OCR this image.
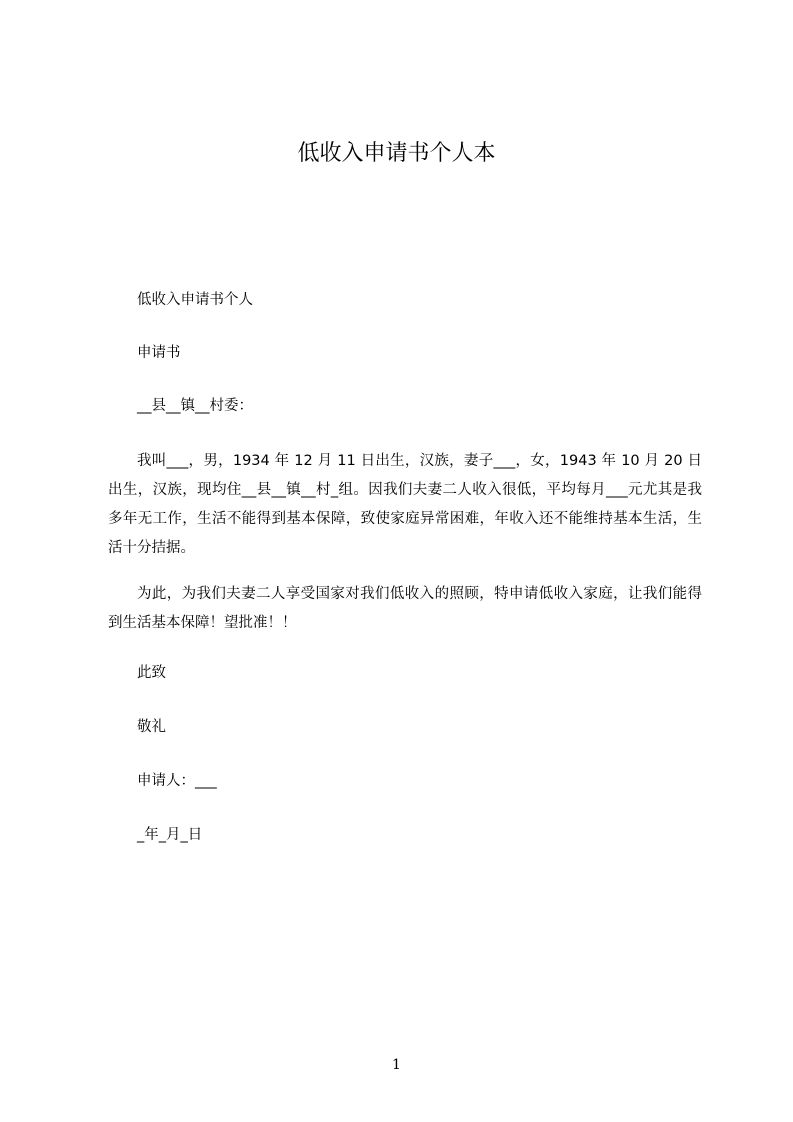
低收入申请书个人本

低收入申请书个人

申请书

__县__镇__村委：

我叫___，男，1934 年 12 月 11 日出生，汉族，妻子___，女，1943 年 10 月 20 日出生，汉族，现均住__县__镇__村_组。因我们夫妻二人收入很低，平均每月___元尤其是我多年无工作，生活不能得到基本保障，致使家庭异常困难，年收入还不能维持基本生活，生活十分拮据。

为此，为我们夫妻二人享受国家对我们低收入的照顾，特申请低收入家庭，让我们能得到生活基本保障！望批准！！

此致

敬礼

申请人：___

_年_月_日

1
